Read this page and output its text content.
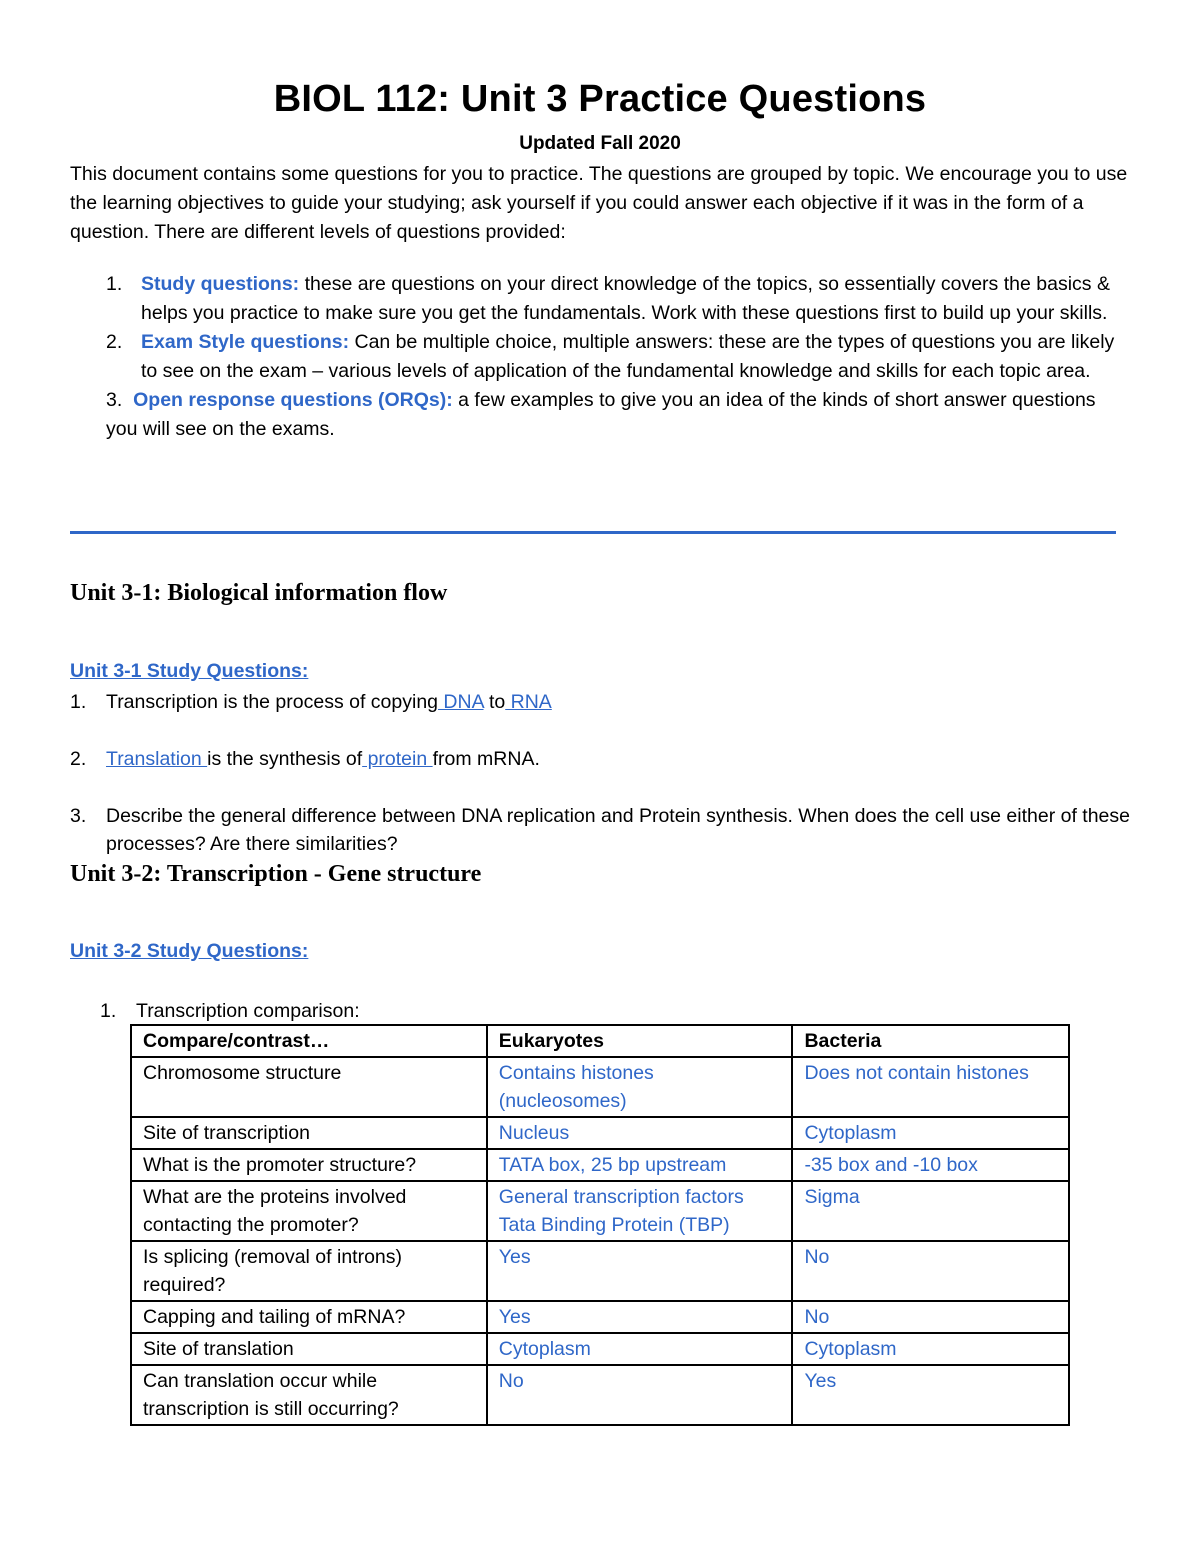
BIOL 112: Unit 3 Practice Questions
Updated Fall 2020

This document contains some questions for you to practice. The questions are grouped by topic. We encourage you to use the learning objectives to guide your studying; ask yourself if you could answer each objective if it was in the form of a question. There are different levels of questions provided:

1. Study questions: these are questions on your direct knowledge of the topics, so essentially covers the basics & helps you practice to make sure you get the fundamentals. Work with these questions first to build up your skills.
2. Exam Style questions: Can be multiple choice, multiple answers: these are the types of questions you are likely to see on the exam – various levels of application of the fundamental knowledge and skills for each topic area.
3. Open response questions (ORQs): a few examples to give you an idea of the kinds of short answer questions you will see on the exams.
Unit 3-1: Biological information flow
Unit 3-1 Study Questions:
1. Transcription is the process of copying DNA to RNA
2. Translation is the synthesis of protein from mRNA.
3. Describe the general difference between DNA replication and Protein synthesis. When does the cell use either of these processes? Are there similarities?
Unit 3-2: Transcription - Gene structure
Unit 3-2 Study Questions:
1. Transcription comparison:
Compare/contrast…	Eukaryotes	Bacteria
Chromosome structure	Contains histones (nucleosomes)	Does not contain histones
Site of transcription	Nucleus	Cytoplasm
What is the promoter structure?	TATA box, 25 bp upstream	-35 box and -10 box
What are the proteins involved contacting the promoter?	General transcription factors Tata Binding Protein (TBP)	Sigma
Is splicing (removal of introns) required?	Yes	No
Capping and tailing of mRNA?	Yes	No
Site of translation	Cytoplasm	Cytoplasm
Can translation occur while transcription is still occurring?	No	Yes
